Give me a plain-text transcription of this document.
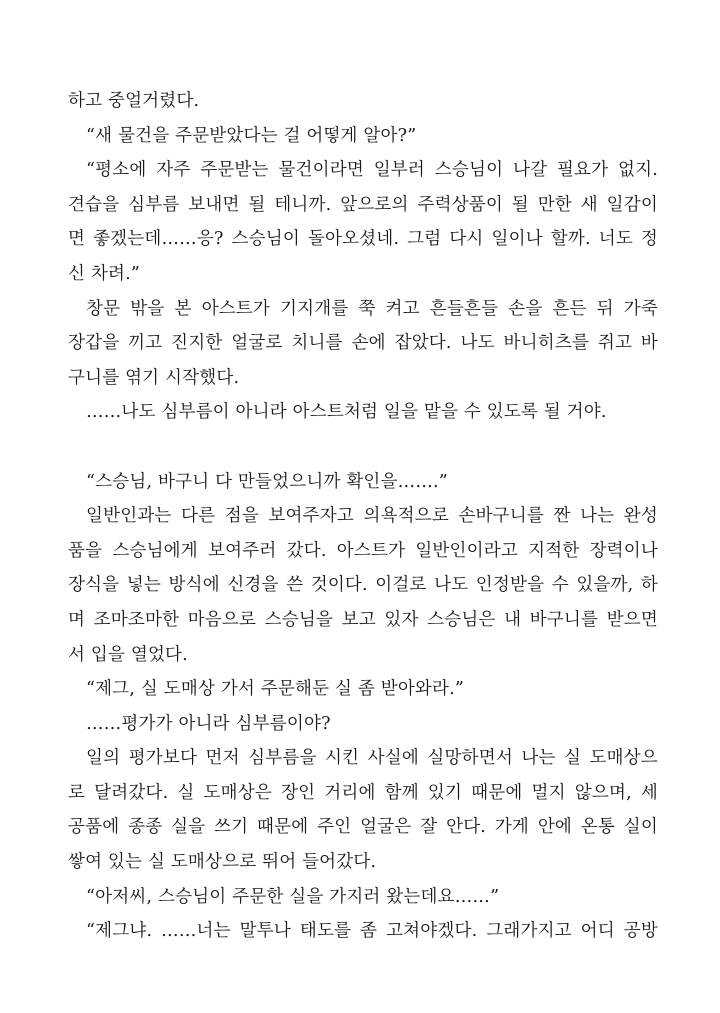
하고 중얼거렸다.
“새 물건을 주문받았다는 걸 어떻게 알아?”
“평소에 자주 주문받는 물건이라면 일부러 스승님이 나갈 필요가 없지.
견습을 심부름 보내면 될 테니까. 앞으로의 주력상품이 될 만한 새 일감이
면 좋겠는데……응? 스승님이 돌아오셨네. 그럼 다시 일이나 할까. 너도 정
신 차려.”
창문 밖을 본 아스트가 기지개를 쭉 켜고 흔들흔들 손을 흔든 뒤 가죽
장갑을 끼고 진지한 얼굴로 치니를 손에 잡았다. 나도 바니히츠를 쥐고 바
구니를 엮기 시작했다.
……나도 심부름이 아니라 아스트처럼 일을 맡을 수 있도록 될 거야.
“스승님, 바구니 다 만들었으니까 확인을…….”
일반인과는 다른 점을 보여주자고 의욕적으로 손바구니를 짠 나는 완성
품을 스승님에게 보여주러 갔다. 아스트가 일반인이라고 지적한 장력이나
장식을 넣는 방식에 신경을 쓴 것이다. 이걸로 나도 인정받을 수 있을까, 하
며 조마조마한 마음으로 스승님을 보고 있자 스승님은 내 바구니를 받으면
서 입을 열었다.
“제그, 실 도매상 가서 주문해둔 실 좀 받아와라.”
……평가가 아니라 심부름이야?
일의 평가보다 먼저 심부름을 시킨 사실에 실망하면서 나는 실 도매상으
로 달려갔다. 실 도매상은 장인 거리에 함께 있기 때문에 멀지 않으며, 세
공품에 종종 실을 쓰기 때문에 주인 얼굴은 잘 안다. 가게 안에 온통 실이
쌓여 있는 실 도매상으로 뛰어 들어갔다.
“아저씨, 스승님이 주문한 실을 가지러 왔는데요……”
“제그냐. ……너는 말투나 태도를 좀 고쳐야겠다. 그래가지고 어디 공방
